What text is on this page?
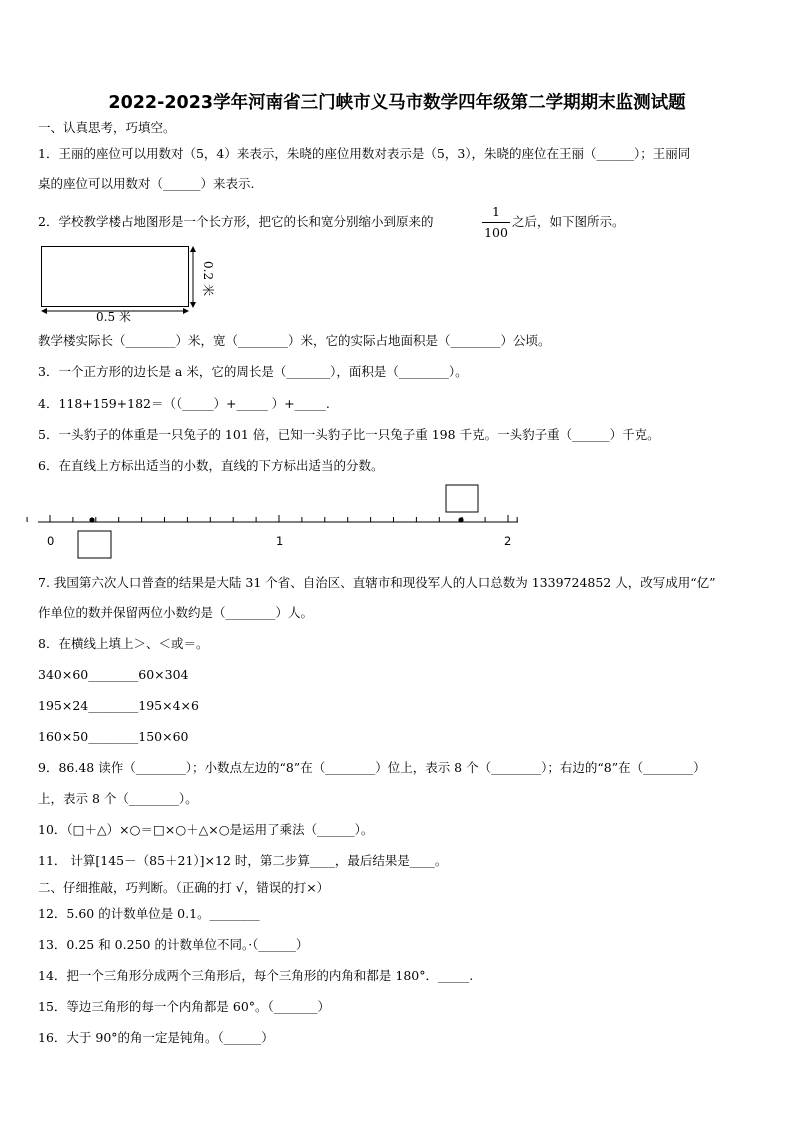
2022-2023学年河南省三门峡市义马市数学四年级第二学期期末监测试题
一、认真思考，巧填空。
1．王丽的座位可以用数对（5，4）来表示，朱晓的座位用数对表示是（5，3），朱晓的座位在王丽（______）；王丽同
桌的座位可以用数对（______）来表示.
2．学校教学楼占地图形是一个长方形，把它的长和宽分别缩小到原来的
1
100
之后，如下图所示。
0.2 米
0.5 米
教学楼实际长（________）米，宽（________）米，它的实际占地面积是（________）公顷。
3．一个正方形的边长是 a 米，它的周长是（_______），面积是（________）。
4．118+159+182＝（（_____）+_____ ）+_____.
5．一头豹子的体重是一只兔子的 101 倍，已知一头豹子比一只兔子重 198 千克。一头豹子重（______）千克。
6．在直线上方标出适当的小数，直线的下方标出适当的分数。
0	1	2
7. 我国第六次人口普查的结果是大陆 31 个省、自治区、直辖市和现役军人的人口总数为 1339724852 人，改写成用“亿”
作单位的数并保留两位小数约是（________）人。
8．在横线上填上＞、＜或＝。
340×60________60×304
195×24________195×4×6
160×50________150×60
9．86.48 读作（________）；小数点左边的“8”在（________）位上，表示 8 个（________）；右边的“8”在（________）
上，表示 8 个（________）。
10．（□＋△）×○＝□×○＋△×○是运用了乘法（______）。
11． 计算[145－（85＋21）]×12 时，第二步算____，最后结果是____。
二、仔细推敲，巧判断。（正确的打 √，错误的打×）
12．5.60 的计数单位是 0.1。________
13．0.25 和 0.250 的计数单位不同。·（______）
14．把一个三角形分成两个三角形后，每个三角形的内角和都是 180°．_____.
15．等边三角形的每一个内角都是 60°。（_______）
16．大于 90°的角一定是钝角。（______）
